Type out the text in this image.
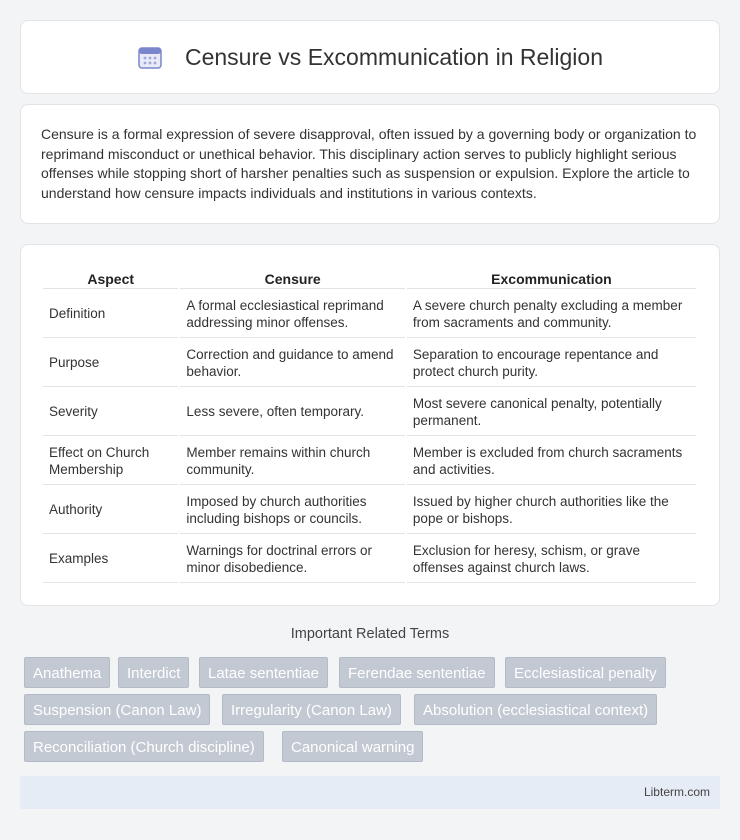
Censure vs Excommunication in Religion

Censure is a formal expression of severe disapproval, often issued by a governing body or organization to reprimand misconduct or unethical behavior. This disciplinary action serves to publicly highlight serious offenses while stopping short of harsher penalties such as suspension or expulsion. Explore the article to understand how censure impacts individuals and institutions in various contexts.

Aspect	Censure	Excommunication
Definition	A formal ecclesiastical reprimand addressing minor offenses.	A severe church penalty excluding a member from sacraments and community.
Purpose	Correction and guidance to amend behavior.	Separation to encourage repentance and protect church purity.
Severity	Less severe, often temporary.	Most severe canonical penalty, potentially permanent.
Effect on Church Membership	Member remains within church community.	Member is excluded from church sacraments and activities.
Authority	Imposed by church authorities including bishops or councils.	Issued by higher church authorities like the pope or bishops.
Examples	Warnings for doctrinal errors or minor disobedience.	Exclusion for heresy, schism, or grave offenses against church laws.
Important Related Terms
Anathema	Interdict	Latae sententiae	Ferendae sententiae	Ecclesiastical penalty
Suspension (Canon Law)	Irregularity (Canon Law)	Absolution (ecclesiastical context)
Reconciliation (Church discipline)	Canonical warning
Libterm.com
